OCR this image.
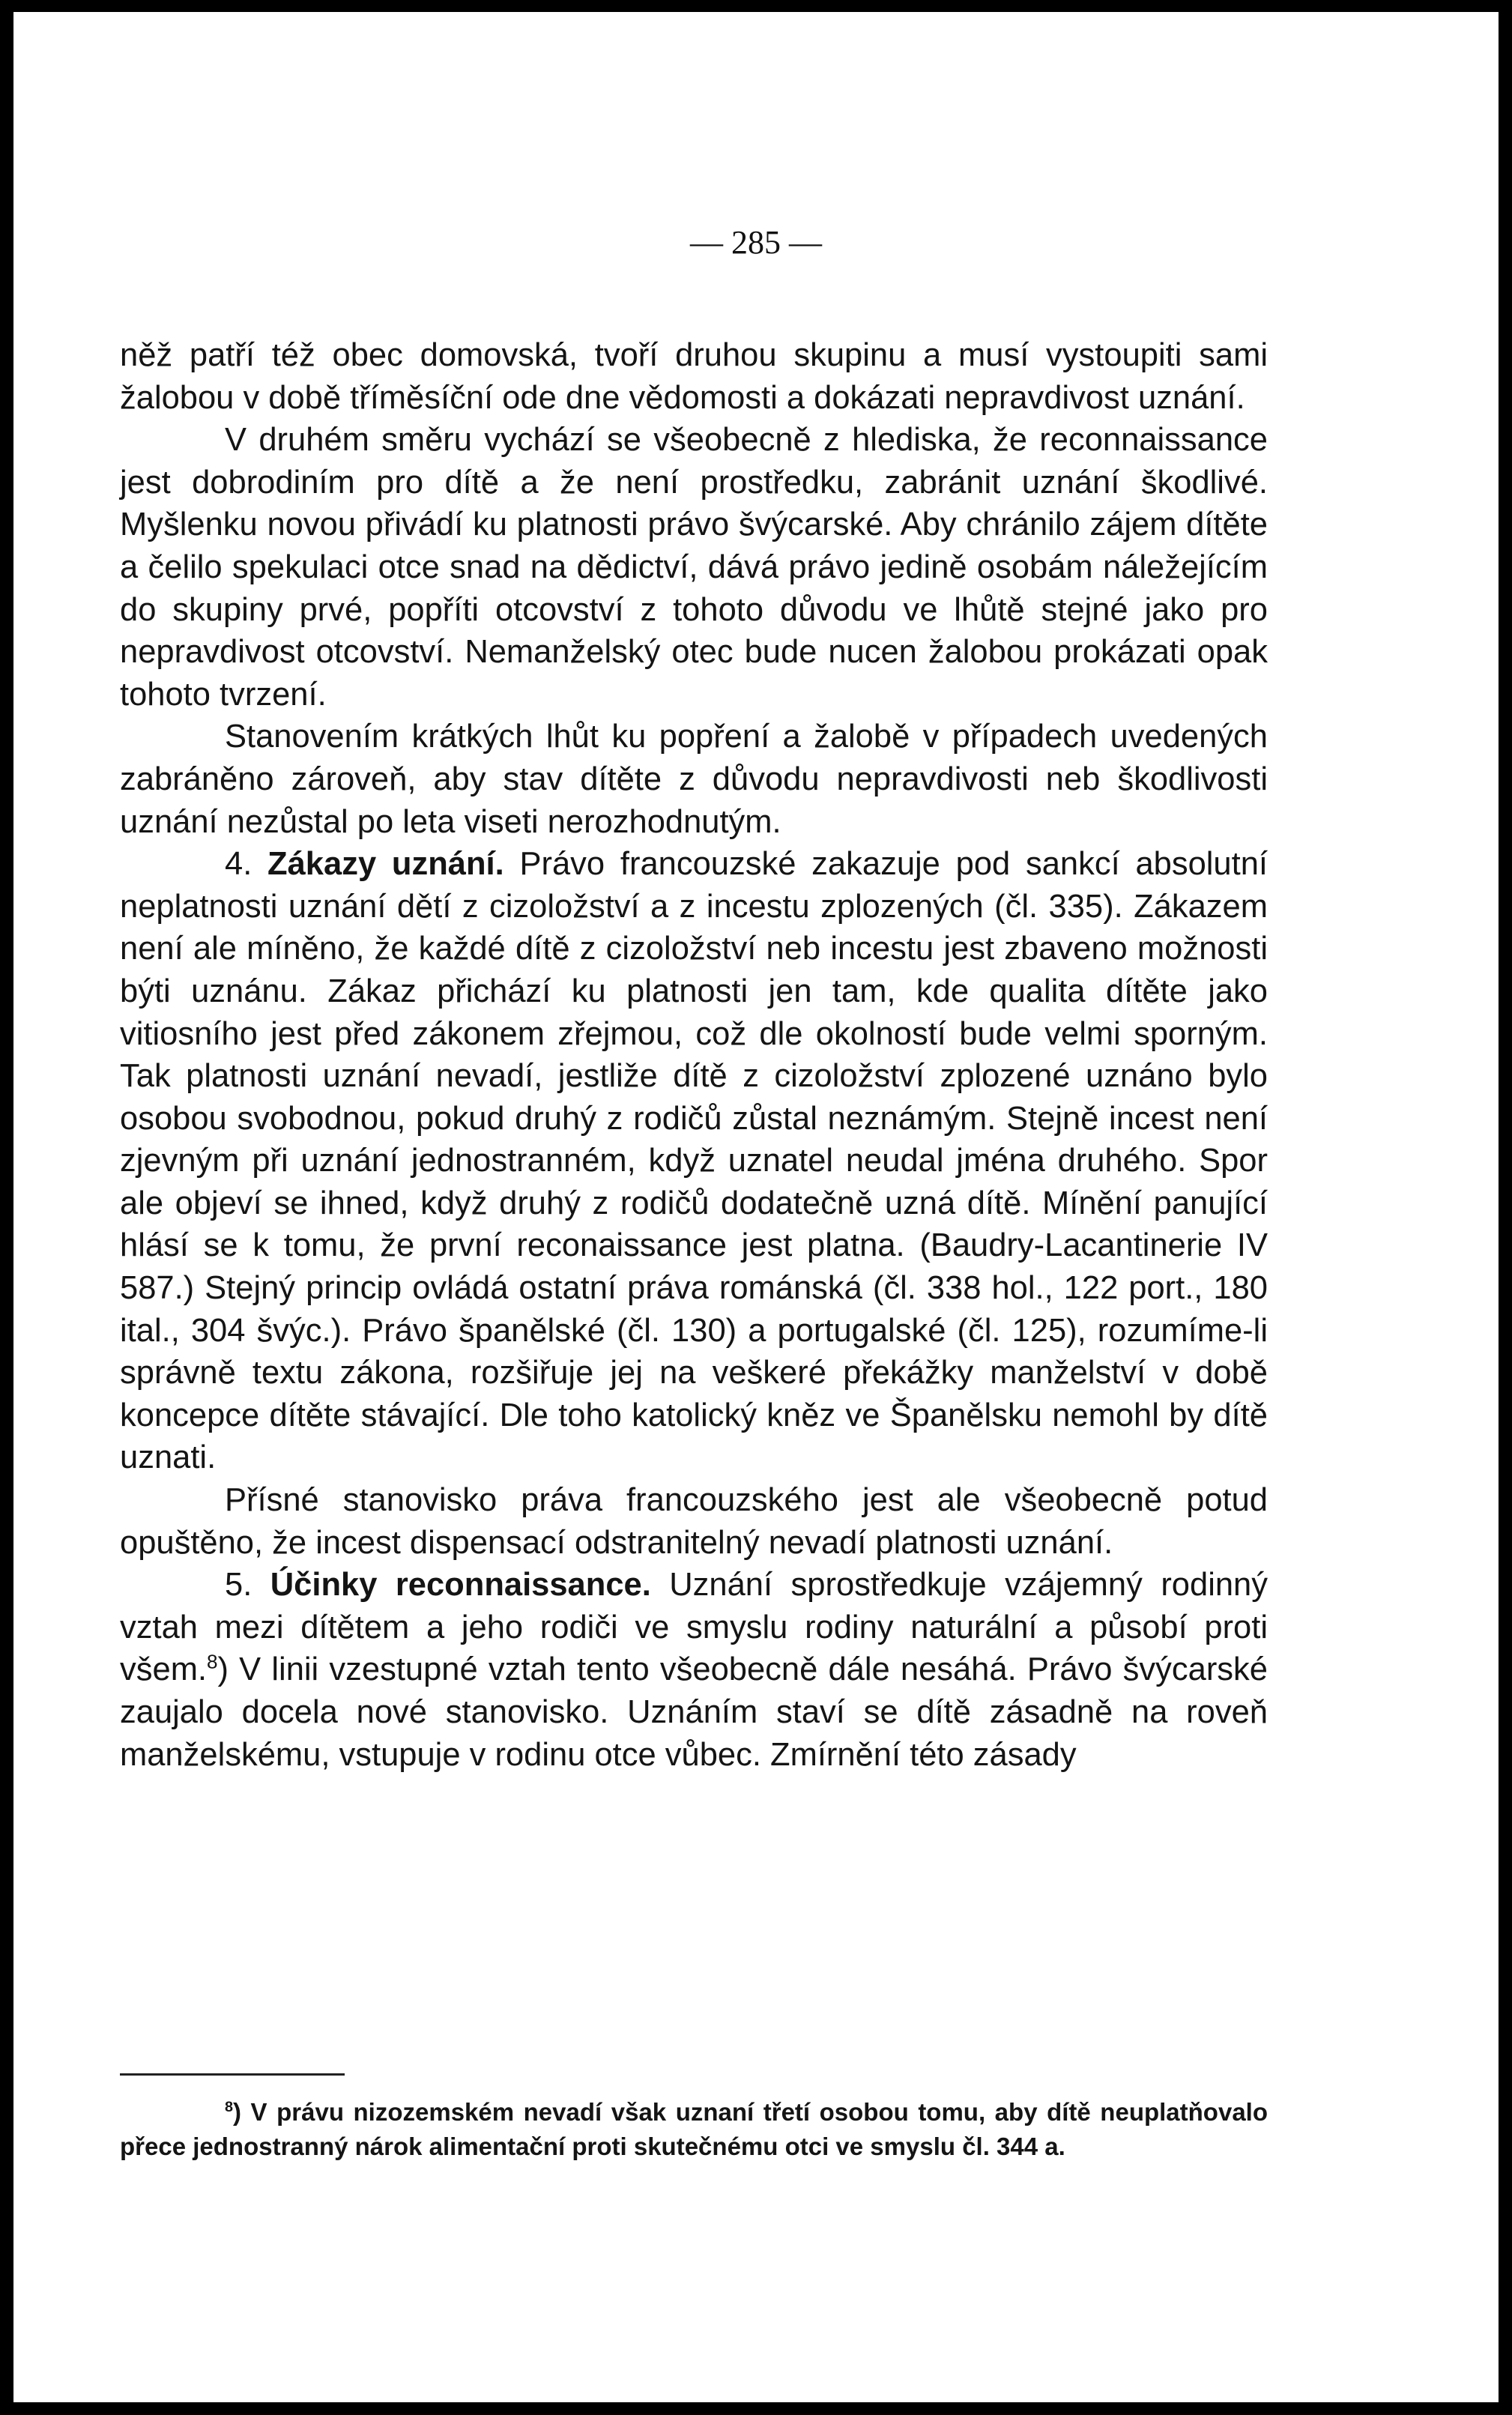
— 285 —

něž patří též obec domovská, tvoří druhou skupinu a musí vystoupiti sami žalobou v době tříměsíční ode dne vědomosti a dokázati nepravdivost uznání.

V druhém směru vychází se všeobecně z hlediska, že reconnaissance jest dobrodiním pro dítě a že není prostředku, zabránit uznání škodlivé. Myšlenku novou přivádí ku platnosti právo švýcarské. Aby chránilo zájem dítěte a čelilo spekulaci otce snad na dědictví, dává právo jedině osobám náležejícím do skupiny prvé, popříti otcovství z tohoto důvodu ve lhůtě stejné jako pro nepravdivost otcovství. Nemanželský otec bude nucen žalobou prokázati opak tohoto tvrzení.

Stanovením krátkých lhůt ku popření a žalobě v případech uvedených zabráněno zároveň, aby stav dítěte z důvodu nepravdivosti neb škodlivosti uznání nezůstal po leta viseti nerozhodnutým.

4. Zákazy uznání. Právo francouzské zakazuje pod sankcí absolutní neplatnosti uznání dětí z cizoložství a z incestu zplozených (čl. 335). Zákazem není ale míněno, že každé dítě z cizoložství neb incestu jest zbaveno možnosti býti uznánu. Zákaz přichází ku platnosti jen tam, kde qualita dítěte jako vitiosního jest před zákonem zřejmou, což dle okolností bude velmi sporným. Tak platnosti uznání nevadí, jestliže dítě z cizoložství zplozené uznáno bylo osobou svobodnou, pokud druhý z rodičů zůstal neznámým. Stejně incest není zjevným při uznání jednostranném, když uznatel neudal jména druhého. Spor ale objeví se ihned, když druhý z rodičů dodatečně uzná dítě. Mínění panující hlásí se k tomu, že první reconaissance jest platna. (Baudry-Lacantinerie IV 587.) Stejný princip ovládá ostatní práva románská (čl. 338 hol., 122 port., 180 ital., 304 švýc.). Právo španělské (čl. 130) a portugalské (čl. 125), rozumíme-li správně textu zákona, rozšiřuje jej na veškeré překážky manželství v době koncepce dítěte stávající. Dle toho katolický kněz ve Španělsku nemohl by dítě uznati.

Přísné stanovisko práva francouzského jest ale všeobecně potud opuštěno, že incest dispensací odstranitelný nevadí platnosti uznání.

5. Účinky reconnaissance. Uznání sprostředkuje vzájemný rodinný vztah mezi dítětem a jeho rodiči ve smyslu rodiny naturální a působí proti všem.$^8$) V linii vzestupné vztah tento všeobecně dále nesáhá. Právo švýcarské zaujalo docela nové stanovisko. Uznáním staví se dítě zásadně na roveň manželskému, vstupuje v rodinu otce vůbec. Zmírnění této zásady

$^8$) V právu nizozemském nevadí však uznaní třetí osobou tomu, aby dítě neuplatňovalo přece jednostranný nárok alimentační proti skutečnému otci ve smyslu čl. 344 a.
